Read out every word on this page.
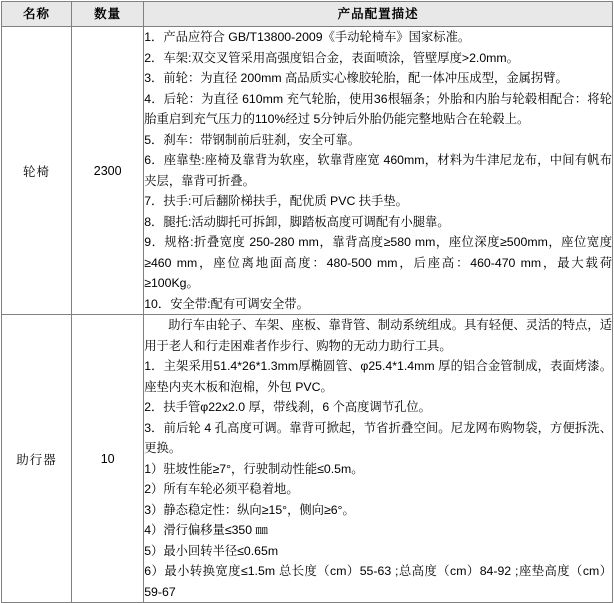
名称	数量	产品配置描述
轮椅	2300	

1．产品应符合 GB/T13800-2009《手动轮椅车》国家标准。

2．车架:双交叉管采用高强度铝合金，表面喷涂，管壁厚度>2.0mm。

3．前轮：为直径 200mm 高品质实心橡胶轮胎，配一体冲压成型，金属拐臂。

4．后轮：为直径 610mm 充气轮胎，使用36根辐条；外胎和内胎与轮毂相配合：将轮胎重启到充气压力的110%经过 5分钟后外胎仍能完整地贴合在轮毂上。

5．刹车：带钢制前后驻刹，安全可靠。

6．座靠垫:座椅及靠背为软座，软靠背座宽 460mm，材料为牛津尼龙布，中间有帆布夹层，靠背可折叠。

7．扶手:可后翻阶梯扶手，配优质 PVC 扶手垫。

8．腿托:活动脚托可拆卸，脚踏板高度可调配有小腿靠。

9．规格:折叠宽度 250-280 mm，靠背高度≥580 mm，座位深度≥500mm，座位宽度≥460 mm，座位离地面高度：480-500 mm，后座高：460-470 mm，最大载荷≥100Kg。

10．安全带:配有可调安全带。

助行器	10	

助行车由轮子、车架、座板、靠背管、制动系统组成。具有轻便、灵活的特点，适用于老人和行走困难者作步行、购物的无动力助行工具。

1．主架采用51.4*26*1.3mm厚椭圆管、φ25.4*1.4mm 厚的铝合金管制成，表面烤漆。座垫内夹木板和泡棉，外包 PVC。

2．扶手管φ22x2.0 厚，带线刹，6 个高度调节孔位。

3．前后轮 4 孔高度可调。靠背可掀起，节省折叠空间。尼龙网布购物袋，方便拆洗、更换。

1）驻坡性能≥7°，行驶制动性能≤0.5m。

2）所有车轮必须平稳着地。

3）静态稳定性：纵向≥15°，侧向≥6°。

4）滑行偏移量≤350 ㎜

5）最小回转半径≤0.65m

6）最小转换宽度≤1.5m 总长度（cm）55-63 ;总高度（cm）84-92 ;座垫高度（cm）59-67
